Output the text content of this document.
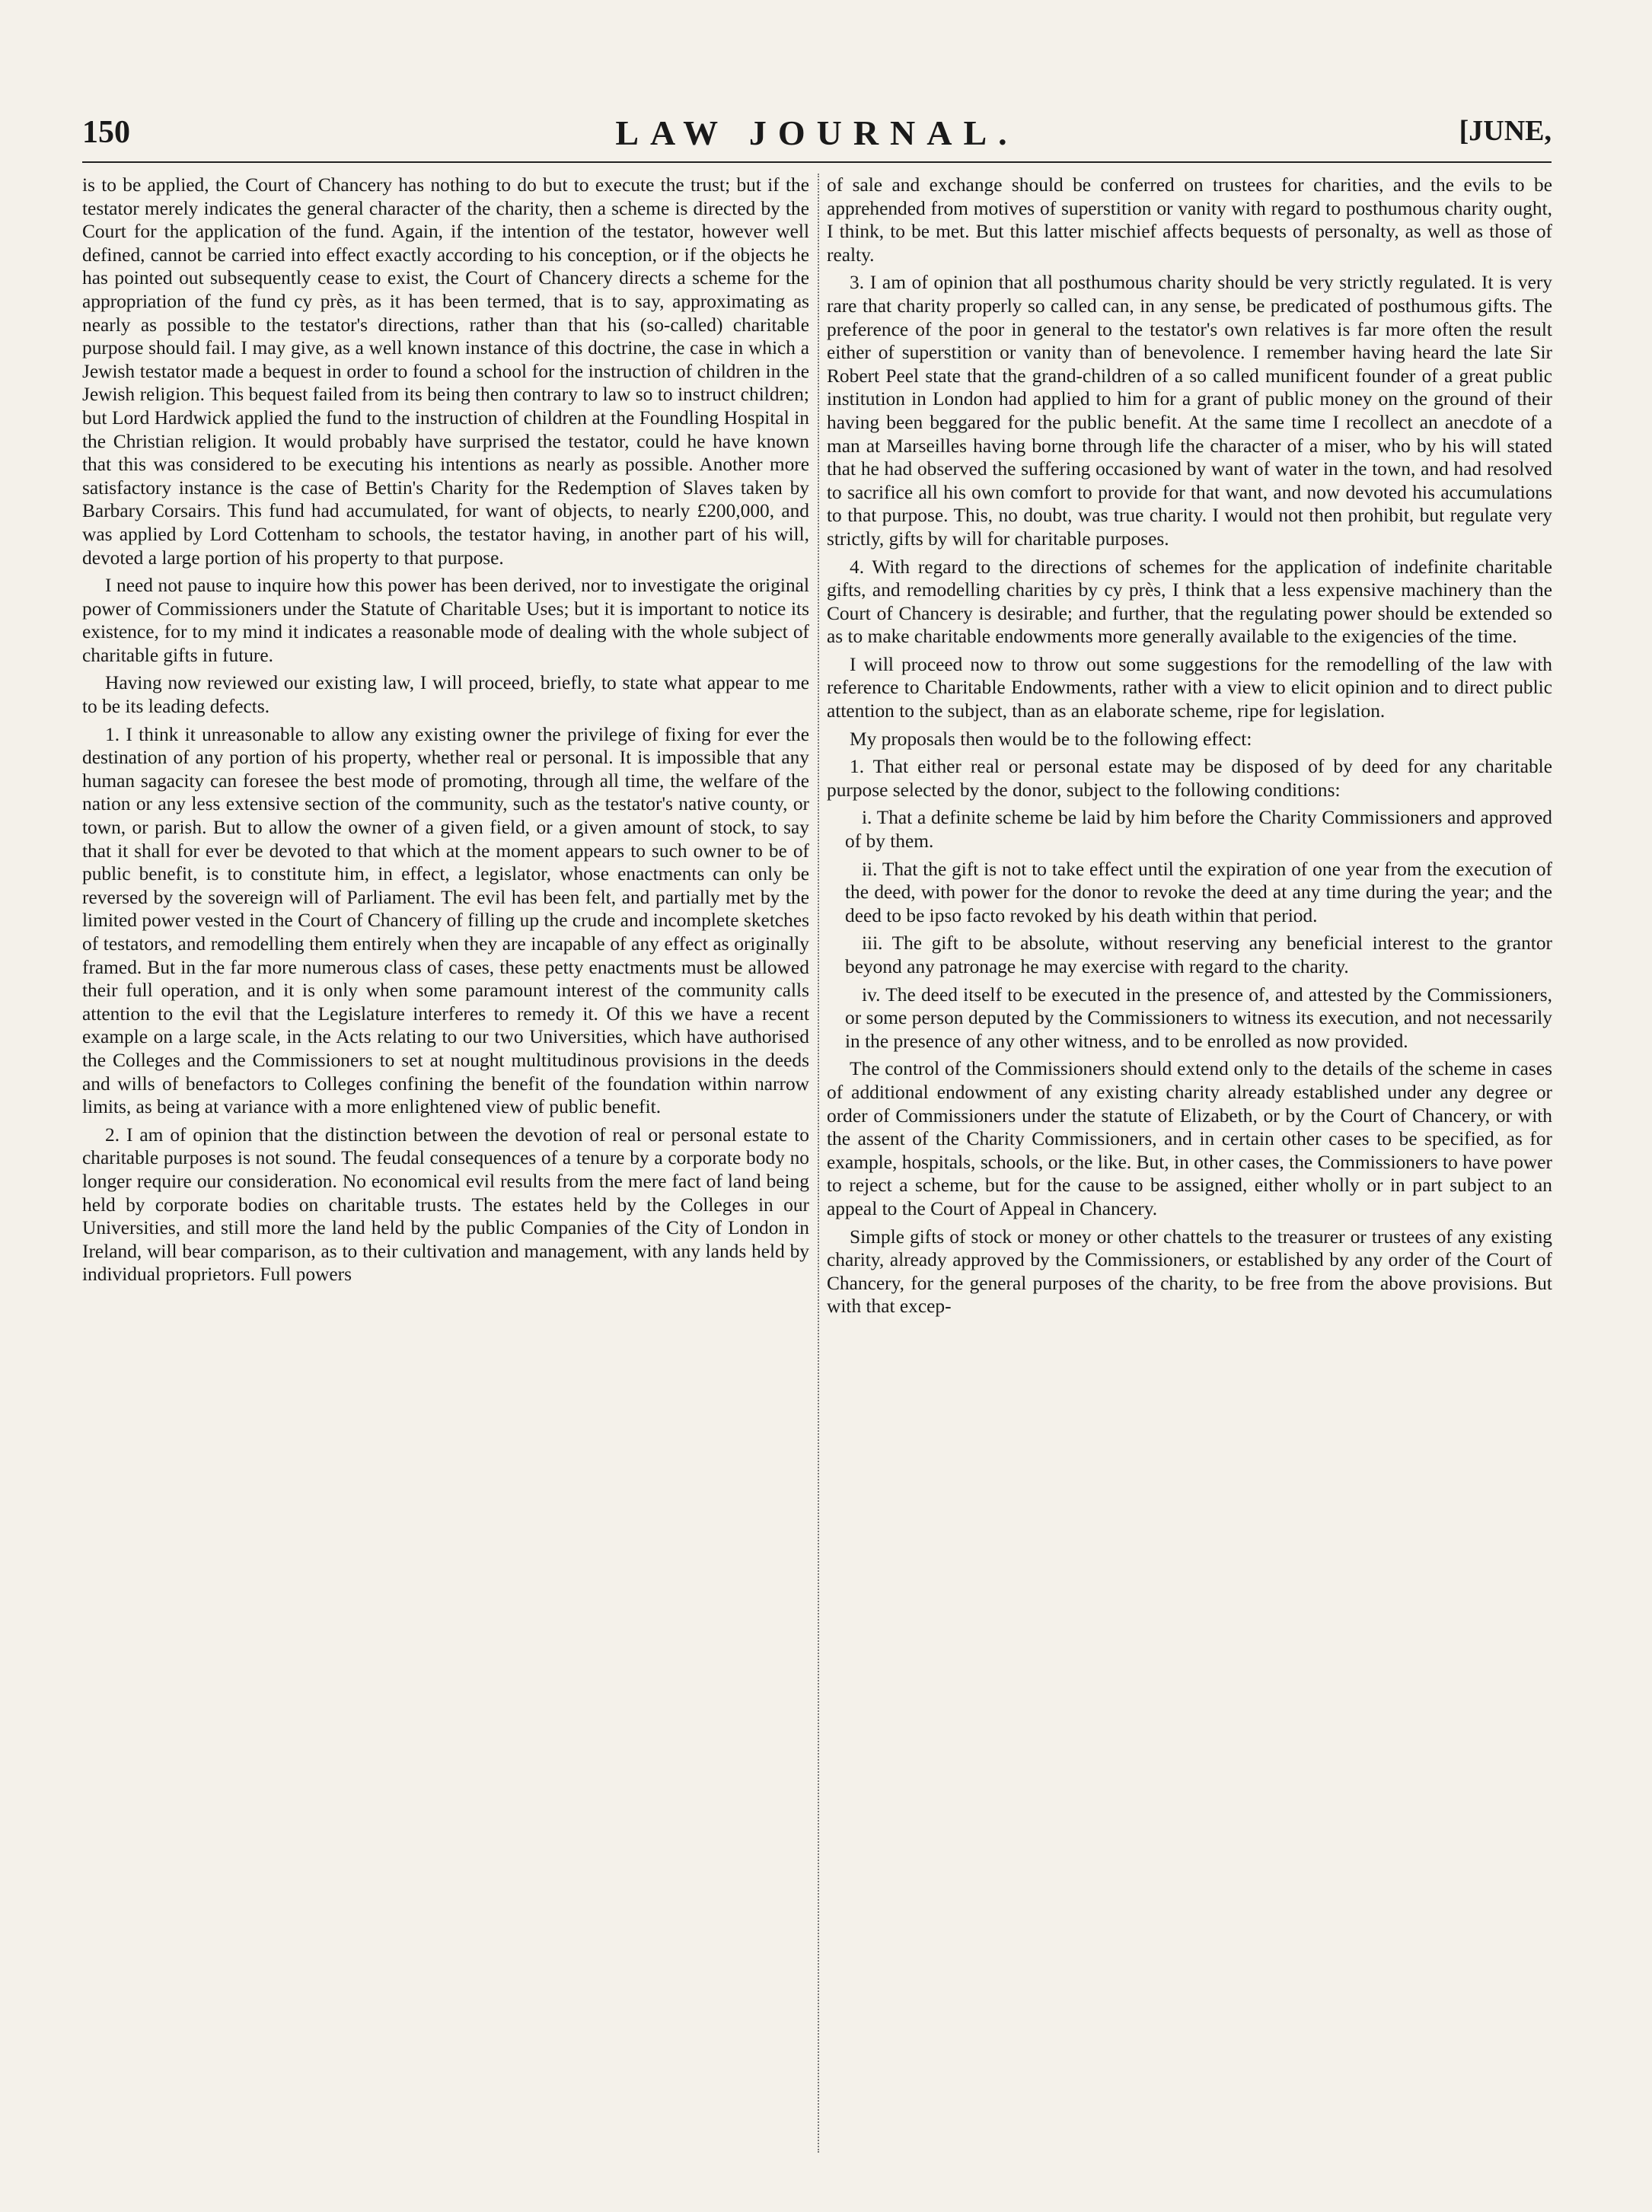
150	LAW JOURNAL.	[JUNE,

is to be applied, the Court of Chancery has nothing to do but to execute the trust; but if the testator merely indicates the general character of the charity, then a scheme is directed by the Court for the application of the fund. Again, if the intention of the testator, however well defined, cannot be carried into effect exactly according to his conception, or if the objects he has pointed out subsequently cease to exist, the Court of Chancery directs a scheme for the appropriation of the fund cy près, as it has been termed, that is to say, approximating as nearly as possible to the testator's directions, rather than that his (so-called) charitable purpose should fail. I may give, as a well known instance of this doctrine, the case in which a Jewish testator made a bequest in order to found a school for the instruction of children in the Jewish religion. This bequest failed from its being then contrary to law so to instruct children; but Lord Hardwick applied the fund to the instruction of children at the Foundling Hospital in the Christian religion. It would probably have surprised the testator, could he have known that this was considered to be executing his intentions as nearly as possible. Another more satisfactory instance is the case of Bettin's Charity for the Redemption of Slaves taken by Barbary Corsairs. This fund had accumulated, for want of objects, to nearly £200,000, and was applied by Lord Cottenham to schools, the testator having, in another part of his will, devoted a large portion of his property to that purpose.

I need not pause to inquire how this power has been derived, nor to investigate the original power of Commissioners under the Statute of Charitable Uses; but it is important to notice its existence, for to my mind it indicates a reasonable mode of dealing with the whole subject of charitable gifts in future.

Having now reviewed our existing law, I will proceed, briefly, to state what appear to me to be its leading defects.

1. I think it unreasonable to allow any existing owner the privilege of fixing for ever the destination of any portion of his property, whether real or personal. It is impossible that any human sagacity can foresee the best mode of promoting, through all time, the welfare of the nation or any less extensive section of the community, such as the testator's native county, or town, or parish. But to allow the owner of a given field, or a given amount of stock, to say that it shall for ever be devoted to that which at the moment appears to such owner to be of public benefit, is to constitute him, in effect, a legislator, whose enactments can only be reversed by the sovereign will of Parliament. The evil has been felt, and partially met by the limited power vested in the Court of Chancery of filling up the crude and incomplete sketches of testators, and remodelling them entirely when they are incapable of any effect as originally framed. But in the far more numerous class of cases, these petty enactments must be allowed their full operation, and it is only when some paramount interest of the community calls attention to the evil that the Legislature interferes to remedy it. Of this we have a recent example on a large scale, in the Acts relating to our two Universities, which have authorised the Colleges and the Commissioners to set at nought multitudinous provisions in the deeds and wills of benefactors to Colleges confining the benefit of the foundation within narrow limits, as being at variance with a more enlightened view of public benefit.

2. I am of opinion that the distinction between the devotion of real or personal estate to charitable purposes is not sound. The feudal consequences of a tenure by a corporate body no longer require our consideration. No economical evil results from the mere fact of land being held by corporate bodies on charitable trusts. The estates held by the Colleges in our Universities, and still more the land held by the public Companies of the City of London in Ireland, will bear comparison, as to their cultivation and management, with any lands held by individual proprietors. Full powers

of sale and exchange should be conferred on trustees for charities, and the evils to be apprehended from motives of superstition or vanity with regard to posthumous charity ought, I think, to be met. But this latter mischief affects bequests of personalty, as well as those of realty.

3. I am of opinion that all posthumous charity should be very strictly regulated. It is very rare that charity properly so called can, in any sense, be predicated of posthumous gifts. The preference of the poor in general to the testator's own relatives is far more often the result either of superstition or vanity than of benevolence. I remember having heard the late Sir Robert Peel state that the grand-children of a so called munificent founder of a great public institution in London had applied to him for a grant of public money on the ground of their having been beggared for the public benefit. At the same time I recollect an anecdote of a man at Marseilles having borne through life the character of a miser, who by his will stated that he had observed the suffering occasioned by want of water in the town, and had resolved to sacrifice all his own comfort to provide for that want, and now devoted his accumulations to that purpose. This, no doubt, was true charity. I would not then prohibit, but regulate very strictly, gifts by will for charitable purposes.

4. With regard to the directions of schemes for the application of indefinite charitable gifts, and remodelling charities by cy près, I think that a less expensive machinery than the Court of Chancery is desirable; and further, that the regulating power should be extended so as to make charitable endowments more generally available to the exigencies of the time.

I will proceed now to throw out some suggestions for the remodelling of the law with reference to Charitable Endowments, rather with a view to elicit opinion and to direct public attention to the subject, than as an elaborate scheme, ripe for legislation.

My proposals then would be to the following effect:

1. That either real or personal estate may be disposed of by deed for any charitable purpose selected by the donor, subject to the following conditions:

i. That a definite scheme be laid by him before the Charity Commissioners and approved of by them.

ii. That the gift is not to take effect until the expiration of one year from the execution of the deed, with power for the donor to revoke the deed at any time during the year; and the deed to be ipso facto revoked by his death within that period.

iii. The gift to be absolute, without reserving any beneficial interest to the grantor beyond any patronage he may exercise with regard to the charity.

iv. The deed itself to be executed in the presence of, and attested by the Commissioners, or some person deputed by the Commissioners to witness its execution, and not necessarily in the presence of any other witness, and to be enrolled as now provided.

The control of the Commissioners should extend only to the details of the scheme in cases of additional endowment of any existing charity already established under any degree or order of Commissioners under the statute of Elizabeth, or by the Court of Chancery, or with the assent of the Charity Commissioners, and in certain other cases to be specified, as for example, hospitals, schools, or the like. But, in other cases, the Commissioners to have power to reject a scheme, but for the cause to be assigned, either wholly or in part subject to an appeal to the Court of Appeal in Chancery.

Simple gifts of stock or money or other chattels to the treasurer or trustees of any existing charity, already approved by the Commissioners, or established by any order of the Court of Chancery, for the general purposes of the charity, to be free from the above provisions. But with that excep-
